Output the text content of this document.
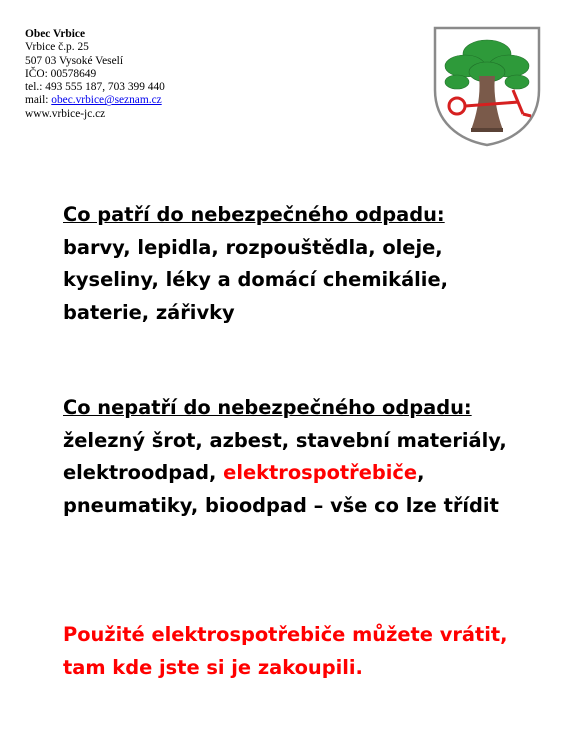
Obec Vrbice
Vrbice č.p. 25
507 03 Vysoké Veselí
IČO: 00578649
tel.: 493 555 187, 703 399 440
mail: obec.vrbice@seznam.cz
www.vrbice-jc.cz
Co patří do nebezpečného odpadu:
barvy, lepidla, rozpouštědla, oleje, kyseliny, léky a domácí chemikálie, baterie, zářivky
Co nepatří do nebezpečného odpadu:
železný šrot, azbest, stavební materiály, elektroodpad, elektrospotřebiče, pneumatiky, bioodpad – vše co lze třídit
Použité elektrospotřebiče můžete vrátit, tam kde jste si je zakoupili.
